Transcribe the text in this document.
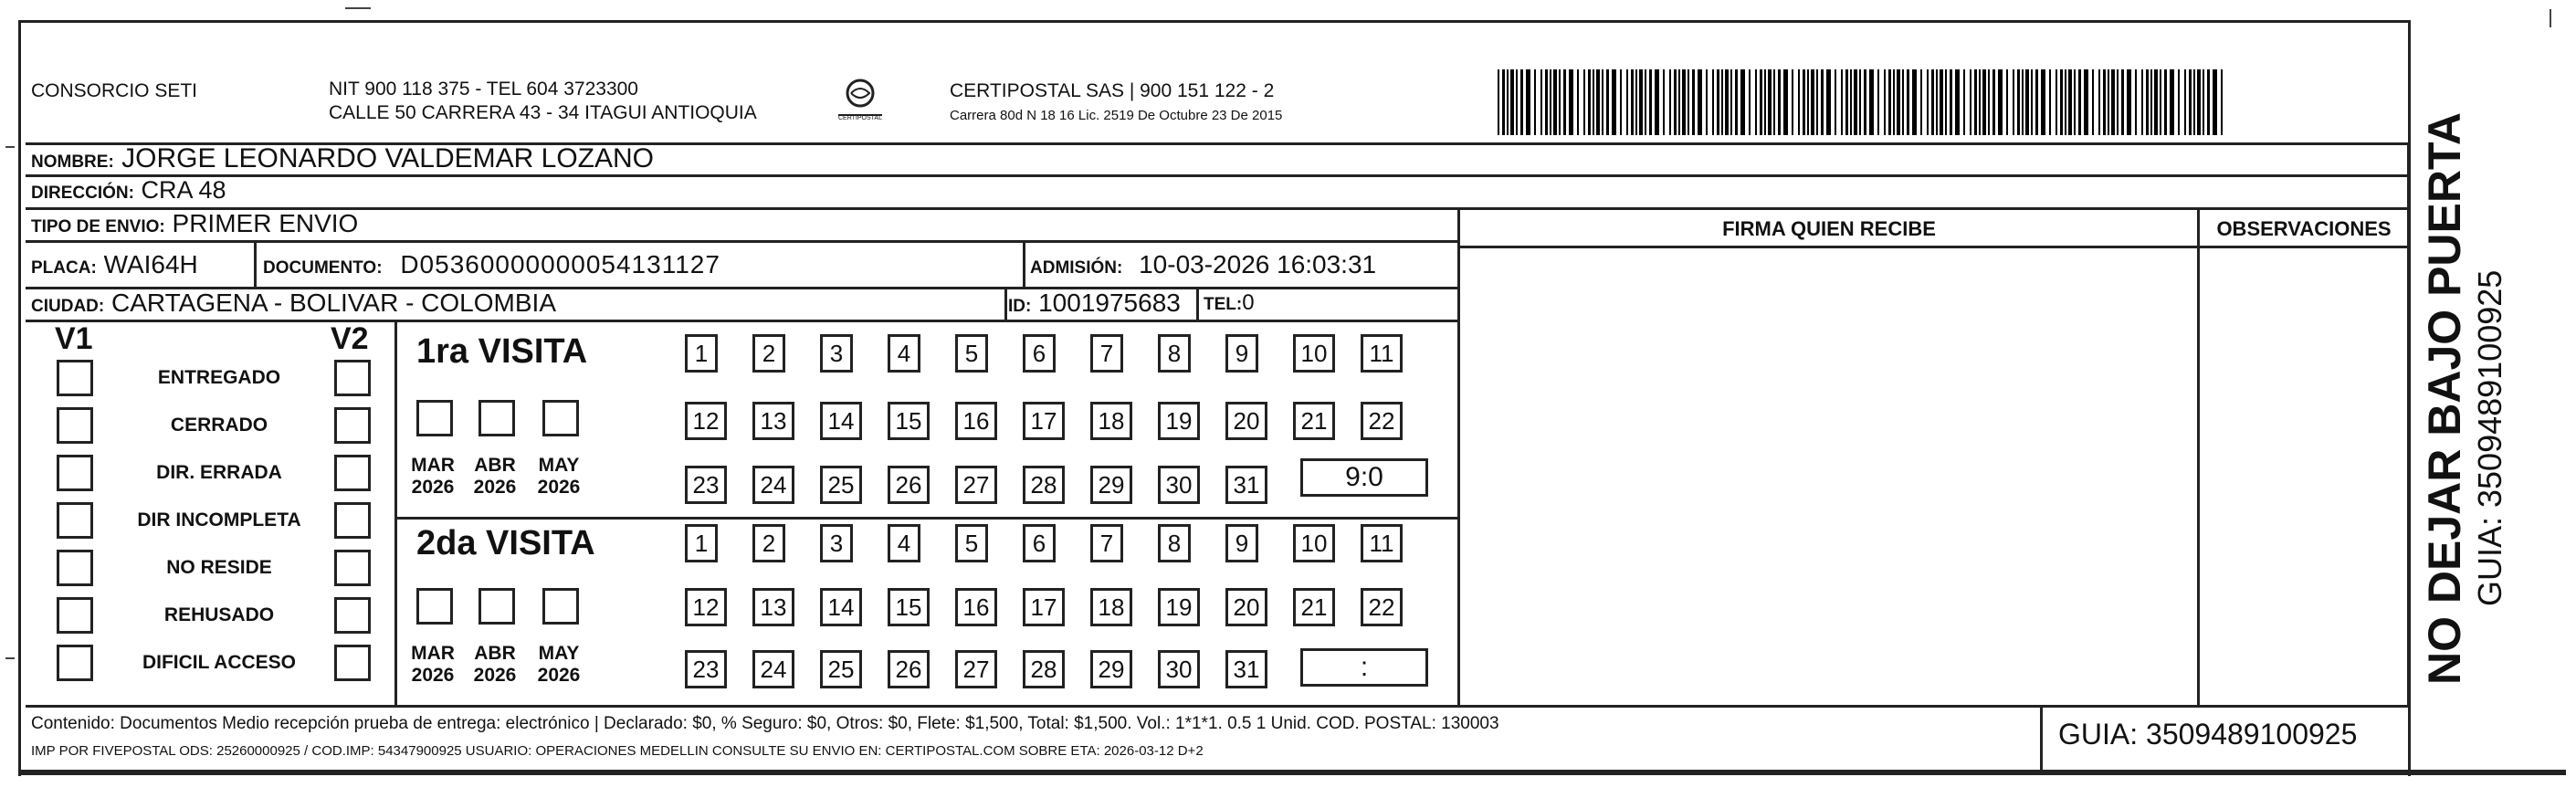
CONSORCIO SETI	NIT 900 118 375 - TEL 604 3723300
CALLE 50 CARRERA 43 - 34 ITAGUI ANTIOQUIA	CERTIPOSTAL
CERTIPOSTAL SAS | 900 151 122 - 2
Carrera 80d N 18 16 Lic. 2519 De Octubre 23 De 2015
NOMBRE: JORGE LEONARDO VALDEMAR LOZANO
DIRECCIÓN: CRA 48
TIPO DE ENVIO: PRIMER ENVIO	FIRMA QUIEN RECIBE	OBSERVACIONES
PLACA: WAI64H	DOCUMENTO: D05360000000054131127	ADMISIÓN: 10-03-2026 16:03:31
CIUDAD: CARTAGENA - BOLIVAR - COLOMBIA	ID: 1001975683 TEL:0
V1	V2
ENTREGADO
CERRADO
DIR. ERRADA
DIR INCOMPLETA
NO RESIDE
REHUSADO
DIFICIL ACCESO
1ra VISITA
2da VISITA
MAR
2026
ABR
2026
MAY
2026
MAR
2026
ABR
2026
MAY
2026
1	2	3	4	5	6	7	8	9	10	11
12	13	14	15	16	17	18	19	20	21	22
23	24	25	26	27	28	29	30	31
1	2	3	4	5	6	7	8	9	10	11
12	13	14	15	16	17	18	19	20	21	22
23	24	25	26	27	28	29	30	31
9:0
:
Contenido: Documentos Medio recepción prueba de entrega: electrónico | Declarado: $0, % Seguro: $0, Otros: $0, Flete: $1,500, Total: $1,500. Vol.: 1*1*1. 0.5 1 Unid. COD. POSTAL: 130003
IMP POR FIVEPOSTAL ODS: 25260000925 / COD.IMP: 54347900925 USUARIO: OPERACIONES MEDELLIN CONSULTE SU ENVIO EN: CERTIPOSTAL.COM SOBRE ETA: 2026-03-12 D+2
GUIA: 3509489100925
NO DEJAR BAJO PUERTA GUIA: 3509489100925
